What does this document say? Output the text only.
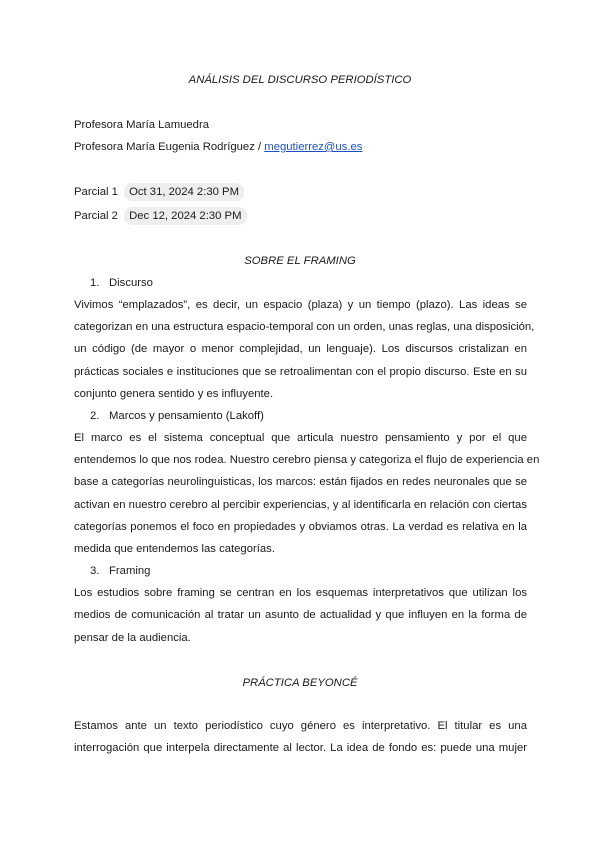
ANÁLISIS DEL DISCURSO PERIODÍSTICO
Profesora María Lamuedra
Profesora María Eugenia Rodríguez / megutierrez@us.es
Parcial 1 Oct 31, 2024 2:30 PM
Parcial 2 Dec 12, 2024 2:30 PM
SOBRE EL FRAMING
1. Discurso
Vivimos “emplazados”, es decir, un espacio (plaza) y un tiempo (plazo). Las ideas se
categorizan en una estructura espacio-temporal con un orden, unas reglas, una disposición,
un código (de mayor o menor complejidad, un lenguaje). Los discursos cristalizan en
prácticas sociales e instituciones que se retroalimentan con el propio discurso. Este en su
conjunto genera sentido y es influyente.
2. Marcos y pensamiento (Lakoff)
El marco es el sistema conceptual que articula nuestro pensamiento y por el que
entendemos lo que nos rodea. Nuestro cerebro piensa y categoriza el flujo de experiencia en
base a categorías neurolinguisticas, los marcos: están fijados en redes neuronales que se
activan en nuestro cerebro al percibir experiencias, y al identificarla en relación con ciertas
categorías ponemos el foco en propiedades y obviamos otras. La verdad es relativa en la
medida que entendemos las categorías.
3. Framing
Los estudios sobre framing se centran en los esquemas interpretativos que utilizan los
medios de comunicación al tratar un asunto de actualidad y que influyen en la forma de
pensar de la audiencia.
PRÁCTICA BEYONCÉ
Estamos ante un texto periodístico cuyo género es interpretativo. El titular es una
interrogación que interpela directamente al lector. La idea de fondo es: puede una mujer
